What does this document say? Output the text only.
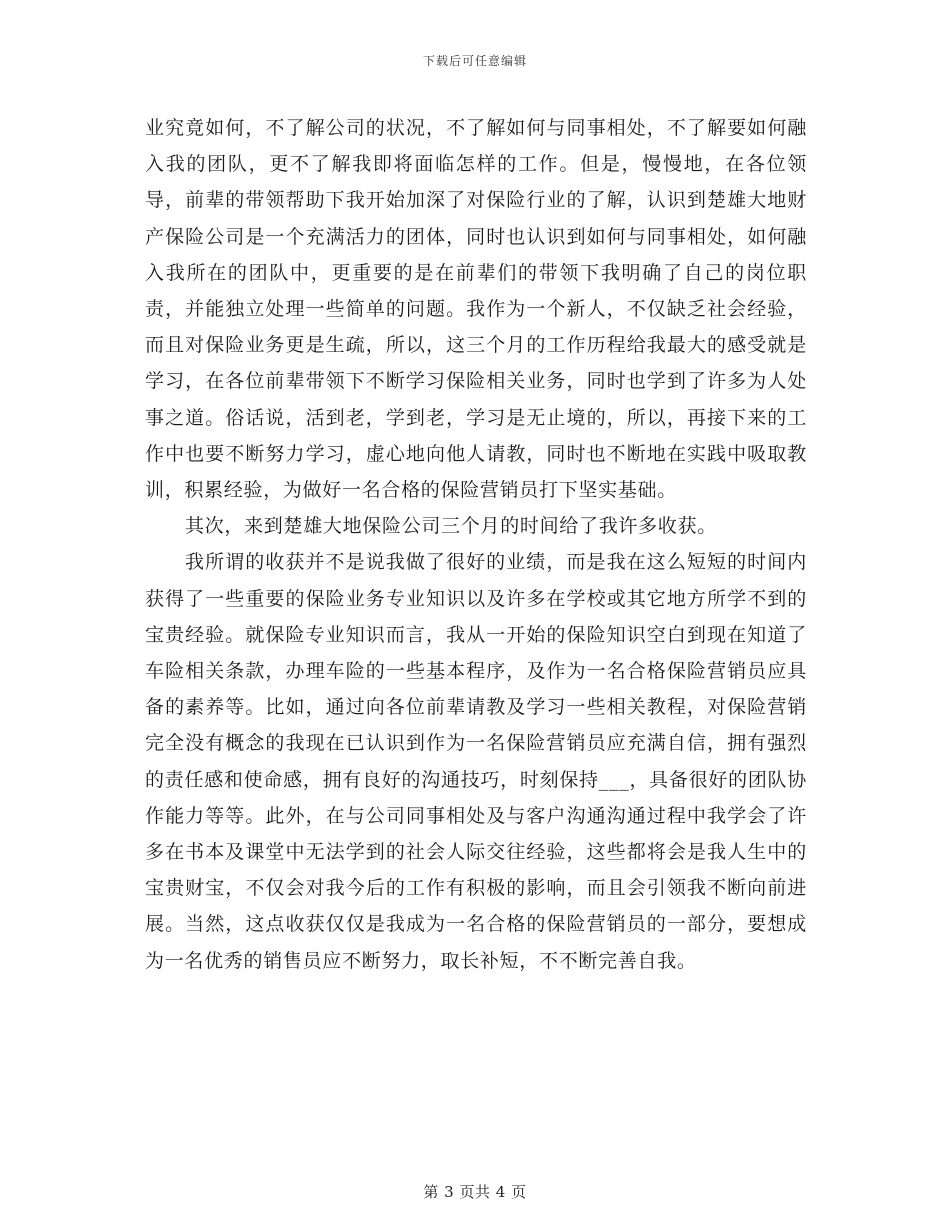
下载后可任意编辑

业究竟如何，不了解公司的状况，不了解如何与同事相处，不了解要如何融入我的团队，更不了解我即将面临怎样的工作。但是，慢慢地，在各位领导，前辈的带领帮助下我开始加深了对保险行业的了解，认识到楚雄大地财产保险公司是一个充满活力的团体，同时也认识到如何与同事相处，如何融入我所在的团队中，更重要的是在前辈们的带领下我明确了自己的岗位职责，并能独立处理一些简单的问题。我作为一个新人，不仅缺乏社会经验，而且对保险业务更是生疏，所以，这三个月的工作历程给我最大的感受就是学习，在各位前辈带领下不断学习保险相关业务，同时也学到了许多为人处事之道。俗话说，活到老，学到老，学习是无止境的，所以，再接下来的工作中也要不断努力学习，虚心地向他人请教，同时也不断地在实践中吸取教训，积累经验，为做好一名合格的保险营销员打下坚实基础。

其次，来到楚雄大地保险公司三个月的时间给了我许多收获。

我所谓的收获并不是说我做了很好的业绩，而是我在这么短短的时间内获得了一些重要的保险业务专业知识以及许多在学校或其它地方所学不到的宝贵经验。就保险专业知识而言，我从一开始的保险知识空白到现在知道了车险相关条款，办理车险的一些基本程序，及作为一名合格保险营销员应具备的素养等。比如，通过向各位前辈请教及学习一些相关教程，对保险营销完全没有概念的我现在已认识到作为一名保险营销员应充满自信，拥有强烈的责任感和使命感，拥有良好的沟通技巧，时刻保持___，具备很好的团队协作能力等等。此外，在与公司同事相处及与客户沟通沟通过程中我学会了许多在书本及课堂中无法学到的社会人际交往经验，这些都将会是我人生中的宝贵财宝，不仅会对我今后的工作有积极的影响，而且会引领我不断向前进展。当然，这点收获仅仅是我成为一名合格的保险营销员的一部分，要想成为一名优秀的销售员应不断努力，取长补短，不不断完善自我。

第 3 页共 4 页
